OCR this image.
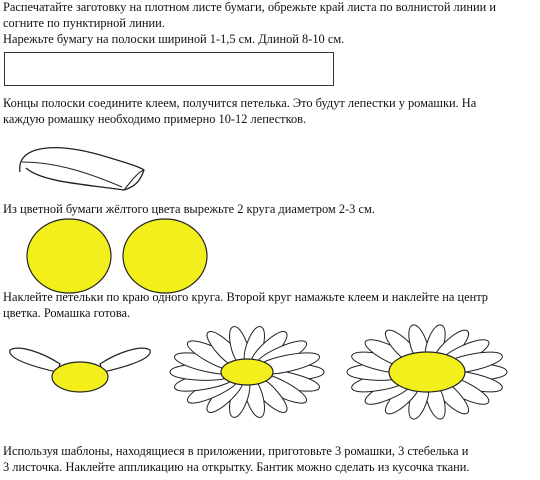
Распечатайте заготовку на плотном листе бумаги, обрежьте край листа по волнистой линии и

согните по пунктирной линии.

Нарежьте бумагу на полоски шириной 1-1,5 см. Длиной 8-10 см.

Концы полоски соедините клеем, получится петелька. Это будут лепестки у ромашки. На

каждую ромашку необходимо примерно 10-12 лепестков.

Из цветной бумаги жёлтого цвета вырежьте 2 круга диаметром 2-3 см.

Наклейте петельки по краю одного круга. Второй круг намажьте клеем и наклейте на центр

цветка. Ромашка готова.

Используя шаблоны, находящиеся в приложении, приготовьте 3 ромашки, 3 стебелька и

3 листочка. Наклейте аппликацию на открытку. Бантик можно сделать из кусочка ткани.
